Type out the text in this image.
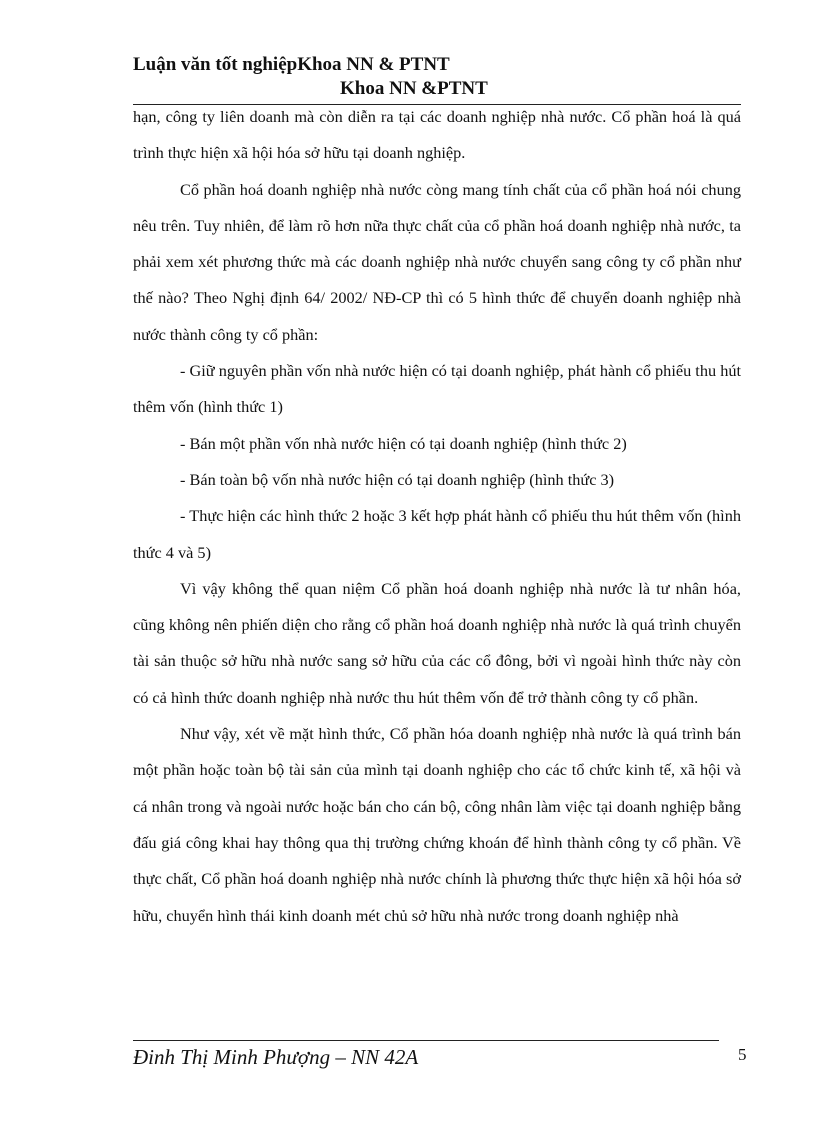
Luận văn tốt nghiệpKhoa NN & PTNT
Khoa NN &PTNT

hạn, công ty liên doanh mà còn diễn ra tại các doanh nghiệp nhà nước. Cổ phần hoá là quá trình thực hiện xã hội hóa sở hữu tại doanh nghiệp.

Cổ phần hoá doanh nghiệp nhà nước còng mang tính chất của cổ phần hoá nói chung nêu trên. Tuy nhiên, để làm rõ hơn nữa thực chất của cổ phần hoá doanh nghiệp nhà nước, ta phải xem xét phương thức mà các doanh nghiệp nhà nước chuyển sang công ty cổ phần như thế nào? Theo Nghị định 64/ 2002/ NĐ-CP thì có 5 hình thức để chuyển doanh nghiệp nhà nước thành công ty cổ phần:

- Giữ nguyên phần vốn nhà nước hiện có tại doanh nghiệp, phát hành cổ phiếu thu hút thêm vốn (hình thức 1)

- Bán một phần vốn nhà nước hiện có tại doanh nghiệp (hình thức 2)

- Bán toàn bộ vốn nhà nước hiện có tại doanh nghiệp (hình thức 3)

- Thực hiện các hình thức 2 hoặc 3 kết hợp phát hành cổ phiếu thu hút thêm vốn (hình thức 4 và 5)

Vì vậy không thể quan niệm Cổ phần hoá doanh nghiệp nhà nước là tư nhân hóa, cũng không nên phiến diện cho rằng cổ phần hoá doanh nghiệp nhà nước là quá trình chuyển tài sản thuộc sở hữu nhà nước sang sở hữu của các cổ đông, bởi vì ngoài hình thức này còn có cả hình thức doanh nghiệp nhà nước thu hút thêm vốn để trở thành công ty cổ phần.

Như vậy, xét về mặt hình thức, Cổ phần hóa doanh nghiệp nhà nước là quá trình bán một phần hoặc toàn bộ tài sản của mình tại doanh nghiệp cho các tổ chức kinh tế, xã hội và cá nhân trong và ngoài nước hoặc bán cho cán bộ, công nhân làm việc tại doanh nghiệp bằng đấu giá công khai hay thông qua thị trường chứng khoán để hình thành công ty cổ phần. Về thực chất, Cổ phần hoá doanh nghiệp nhà nước chính là phương thức thực hiện xã hội hóa sở hữu, chuyển hình thái kinh doanh mét chủ sở hữu nhà nước trong doanh nghiệp nhà

Đinh Thị Minh Phượng – NN 42A	5
